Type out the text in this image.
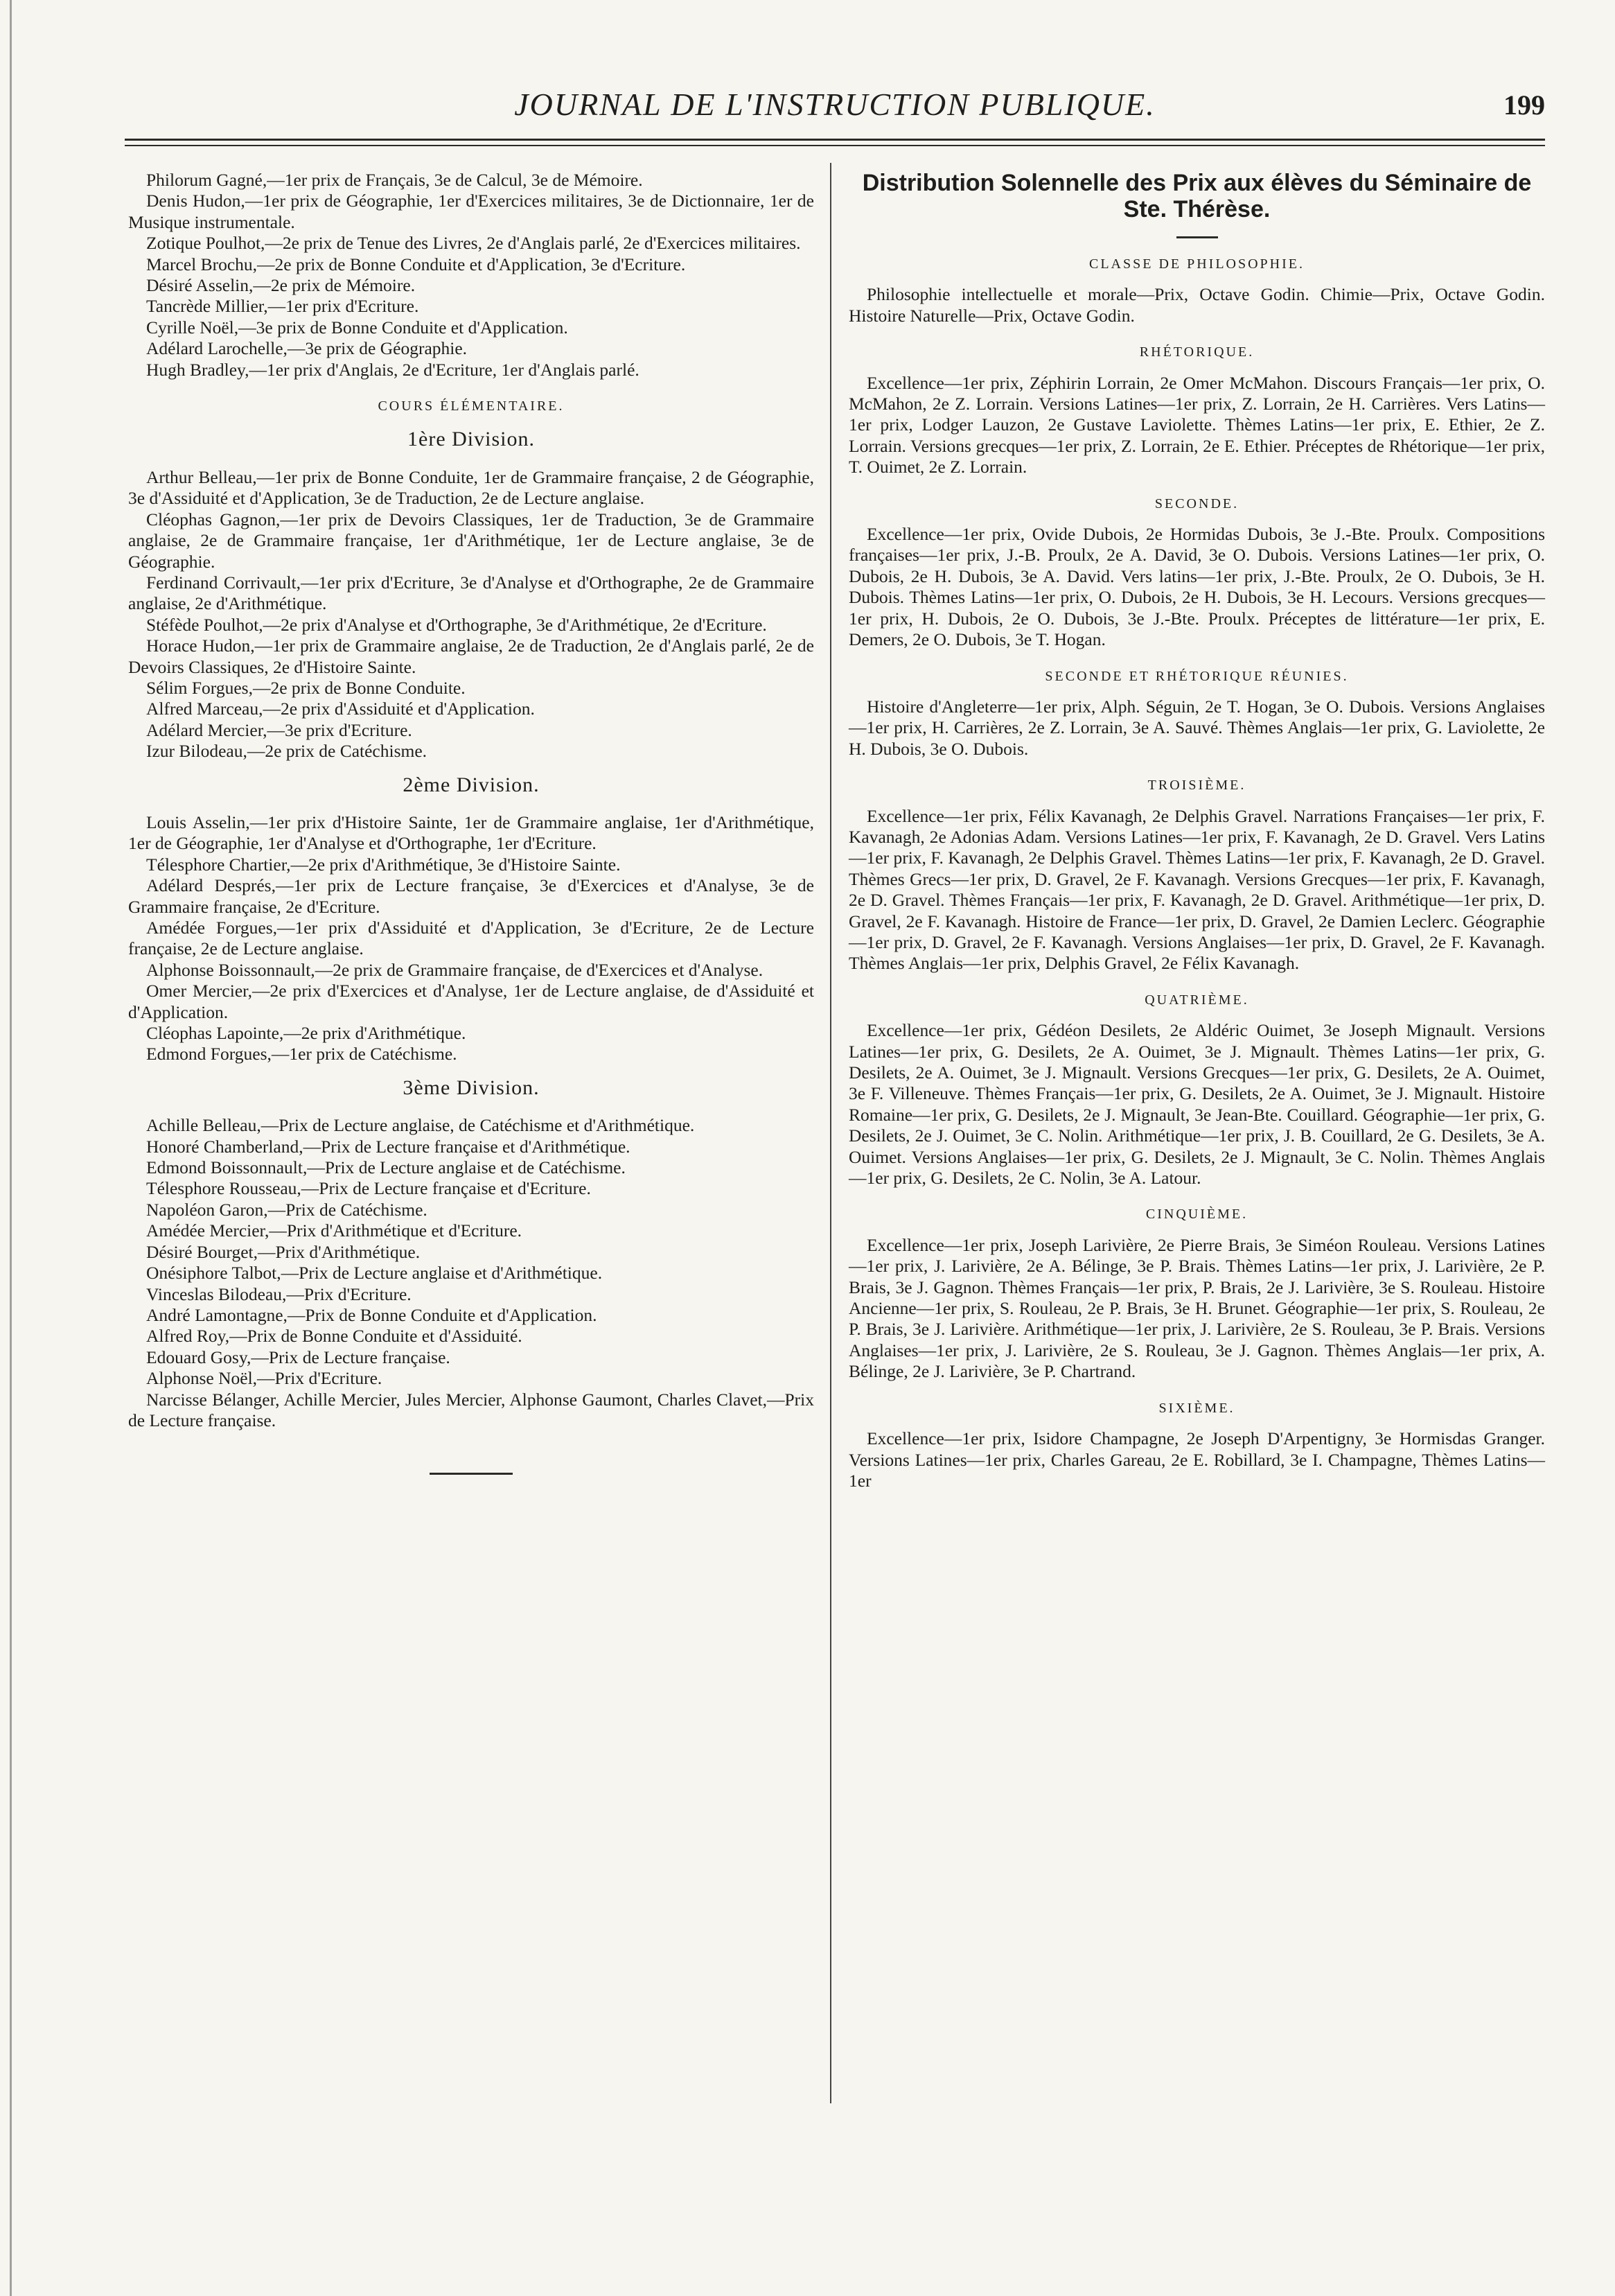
JOURNAL DE L'INSTRUCTION PUBLIQUE.	199

Philorum Gagné,—1er prix de Français, 3e de Calcul, 3e de Mémoire.

Denis Hudon,—1er prix de Géographie, 1er d'Exercices militaires, 3e de Dictionnaire, 1er de Musique instrumentale.

Zotique Poulhot,—2e prix de Tenue des Livres, 2e d'Anglais parlé, 2e d'Exercices militaires.

Marcel Brochu,—2e prix de Bonne Conduite et d'Application, 3e d'Ecriture.

Désiré Asselin,—2e prix de Mémoire.

Tancrède Millier,—1er prix d'Ecriture.

Cyrille Noël,—3e prix de Bonne Conduite et d'Application.

Adélard Larochelle,—3e prix de Géographie.

Hugh Bradley,—1er prix d'Anglais, 2e d'Ecriture, 1er d'Anglais parlé.

COURS ÉLÉMENTAIRE.
1ère Division.

Arthur Belleau,—1er prix de Bonne Conduite, 1er de Grammaire française, 2 de Géographie, 3e d'Assiduité et d'Application, 3e de Traduction, 2e de Lecture anglaise.

Cléophas Gagnon,—1er prix de Devoirs Classiques, 1er de Traduction, 3e de Grammaire anglaise, 2e de Grammaire française, 1er d'Arithmétique, 1er de Lecture anglaise, 3e de Géographie.

Ferdinand Corrivault,—1er prix d'Ecriture, 3e d'Analyse et d'Orthographe, 2e de Grammaire anglaise, 2e d'Arithmétique.

Stéfède Poulhot,—2e prix d'Analyse et d'Orthographe, 3e d'Arithmétique, 2e d'Ecriture.

Horace Hudon,—1er prix de Grammaire anglaise, 2e de Traduction, 2e d'Anglais parlé, 2e de Devoirs Classiques, 2e d'Histoire Sainte.

Sélim Forgues,—2e prix de Bonne Conduite.

Alfred Marceau,—2e prix d'Assiduité et d'Application.

Adélard Mercier,—3e prix d'Ecriture.

Izur Bilodeau,—2e prix de Catéchisme.

2ème Division.

Louis Asselin,—1er prix d'Histoire Sainte, 1er de Grammaire anglaise, 1er d'Arithmétique, 1er de Géographie, 1er d'Analyse et d'Orthographe, 1er d'Ecriture.

Télesphore Chartier,—2e prix d'Arithmétique, 3e d'Histoire Sainte.

Adélard Després,—1er prix de Lecture française, 3e d'Exercices et d'Analyse, 3e de Grammaire française, 2e d'Ecriture.

Amédée Forgues,—1er prix d'Assiduité et d'Application, 3e d'Ecriture, 2e de Lecture française, 2e de Lecture anglaise.

Alphonse Boissonnault,—2e prix de Grammaire française, de d'Exercices et d'Analyse.

Omer Mercier,—2e prix d'Exercices et d'Analyse, 1er de Lecture anglaise, de d'Assiduité et d'Application.

Cléophas Lapointe,—2e prix d'Arithmétique.

Edmond Forgues,—1er prix de Catéchisme.

3ème Division.

Achille Belleau,—Prix de Lecture anglaise, de Catéchisme et d'Arithmétique.

Honoré Chamberland,—Prix de Lecture française et d'Arithmétique.

Edmond Boissonnault,—Prix de Lecture anglaise et de Catéchisme.

Télesphore Rousseau,—Prix de Lecture française et d'Ecriture.

Napoléon Garon,—Prix de Catéchisme.

Amédée Mercier,—Prix d'Arithmétique et d'Ecriture.

Désiré Bourget,—Prix d'Arithmétique.

Onésiphore Talbot,—Prix de Lecture anglaise et d'Arithmétique.

Vinceslas Bilodeau,—Prix d'Ecriture.

André Lamontagne,—Prix de Bonne Conduite et d'Application.

Alfred Roy,—Prix de Bonne Conduite et d'Assiduité.

Edouard Gosy,—Prix de Lecture française.

Alphonse Noël,—Prix d'Ecriture.

Narcisse Bélanger, Achille Mercier, Jules Mercier, Alphonse Gaumont, Charles Clavet,—Prix de Lecture française.

Distribution Solennelle des Prix aux élèves du Séminaire de Ste. Thérèse.
CLASSE DE PHILOSOPHIE.

Philosophie intellectuelle et morale—Prix, Octave Godin. Chimie—Prix, Octave Godin. Histoire Naturelle—Prix, Octave Godin.

RHÉTORIQUE.

Excellence—1er prix, Zéphirin Lorrain, 2e Omer McMahon. Discours Français—1er prix, O. McMahon, 2e Z. Lorrain. Versions Latines—1er prix, Z. Lorrain, 2e H. Carrières. Vers Latins—1er prix, Lodger Lauzon, 2e Gustave Laviolette. Thèmes Latins—1er prix, E. Ethier, 2e Z. Lorrain. Versions grecques—1er prix, Z. Lorrain, 2e E. Ethier. Préceptes de Rhétorique—1er prix, T. Ouimet, 2e Z. Lorrain.

SECONDE.

Excellence—1er prix, Ovide Dubois, 2e Hormidas Dubois, 3e J.-Bte. Proulx. Compositions françaises—1er prix, J.-B. Proulx, 2e A. David, 3e O. Dubois. Versions Latines—1er prix, O. Dubois, 2e H. Dubois, 3e A. David. Vers latins—1er prix, J.-Bte. Proulx, 2e O. Dubois, 3e H. Dubois. Thèmes Latins—1er prix, O. Dubois, 2e H. Dubois, 3e H. Lecours. Versions grecques—1er prix, H. Dubois, 2e O. Dubois, 3e J.-Bte. Proulx. Préceptes de littérature—1er prix, E. Demers, 2e O. Dubois, 3e T. Hogan.

SECONDE ET RHÉTORIQUE RÉUNIES.

Histoire d'Angleterre—1er prix, Alph. Séguin, 2e T. Hogan, 3e O. Dubois. Versions Anglaises—1er prix, H. Carrières, 2e Z. Lorrain, 3e A. Sauvé. Thèmes Anglais—1er prix, G. Laviolette, 2e H. Dubois, 3e O. Dubois.

TROISIÈME.

Excellence—1er prix, Félix Kavanagh, 2e Delphis Gravel. Narrations Françaises—1er prix, F. Kavanagh, 2e Adonias Adam. Versions Latines—1er prix, F. Kavanagh, 2e D. Gravel. Vers Latins—1er prix, F. Kavanagh, 2e Delphis Gravel. Thèmes Latins—1er prix, F. Kavanagh, 2e D. Gravel. Thèmes Grecs—1er prix, D. Gravel, 2e F. Kavanagh. Versions Grecques—1er prix, F. Kavanagh, 2e D. Gravel. Thèmes Français—1er prix, F. Kavanagh, 2e D. Gravel. Arithmétique—1er prix, D. Gravel, 2e F. Kavanagh. Histoire de France—1er prix, D. Gravel, 2e Damien Leclerc. Géographie—1er prix, D. Gravel, 2e F. Kavanagh. Versions Anglaises—1er prix, D. Gravel, 2e F. Kavanagh. Thèmes Anglais—1er prix, Delphis Gravel, 2e Félix Kavanagh.

QUATRIÈME.

Excellence—1er prix, Gédéon Desilets, 2e Aldéric Ouimet, 3e Joseph Mignault. Versions Latines—1er prix, G. Desilets, 2e A. Ouimet, 3e J. Mignault. Thèmes Latins—1er prix, G. Desilets, 2e A. Ouimet, 3e J. Mignault. Versions Grecques—1er prix, G. Desilets, 2e A. Ouimet, 3e F. Villeneuve. Thèmes Français—1er prix, G. Desilets, 2e A. Ouimet, 3e J. Mignault. Histoire Romaine—1er prix, G. Desilets, 2e J. Mignault, 3e Jean-Bte. Couillard. Géographie—1er prix, G. Desilets, 2e J. Ouimet, 3e C. Nolin. Arithmétique—1er prix, J. B. Couillard, 2e G. Desilets, 3e A. Ouimet. Versions Anglaises—1er prix, G. Desilets, 2e J. Mignault, 3e C. Nolin. Thèmes Anglais—1er prix, G. Desilets, 2e C. Nolin, 3e A. Latour.

CINQUIÈME.

Excellence—1er prix, Joseph Larivière, 2e Pierre Brais, 3e Siméon Rouleau. Versions Latines—1er prix, J. Larivière, 2e A. Bélinge, 3e P. Brais. Thèmes Latins—1er prix, J. Larivière, 2e P. Brais, 3e J. Gagnon. Thèmes Français—1er prix, P. Brais, 2e J. Larivière, 3e S. Rouleau. Histoire Ancienne—1er prix, S. Rouleau, 2e P. Brais, 3e H. Brunet. Géographie—1er prix, S. Rouleau, 2e P. Brais, 3e J. Larivière. Arithmétique—1er prix, J. Larivière, 2e S. Rouleau, 3e P. Brais. Versions Anglaises—1er prix, J. Larivière, 2e S. Rouleau, 3e J. Gagnon. Thèmes Anglais—1er prix, A. Bélinge, 2e J. Larivière, 3e P. Chartrand.

SIXIÈME.

Excellence—1er prix, Isidore Champagne, 2e Joseph D'Arpentigny, 3e Hormisdas Granger. Versions Latines—1er prix, Charles Gareau, 2e E. Robillard, 3e I. Champagne, Thèmes Latins—1er
